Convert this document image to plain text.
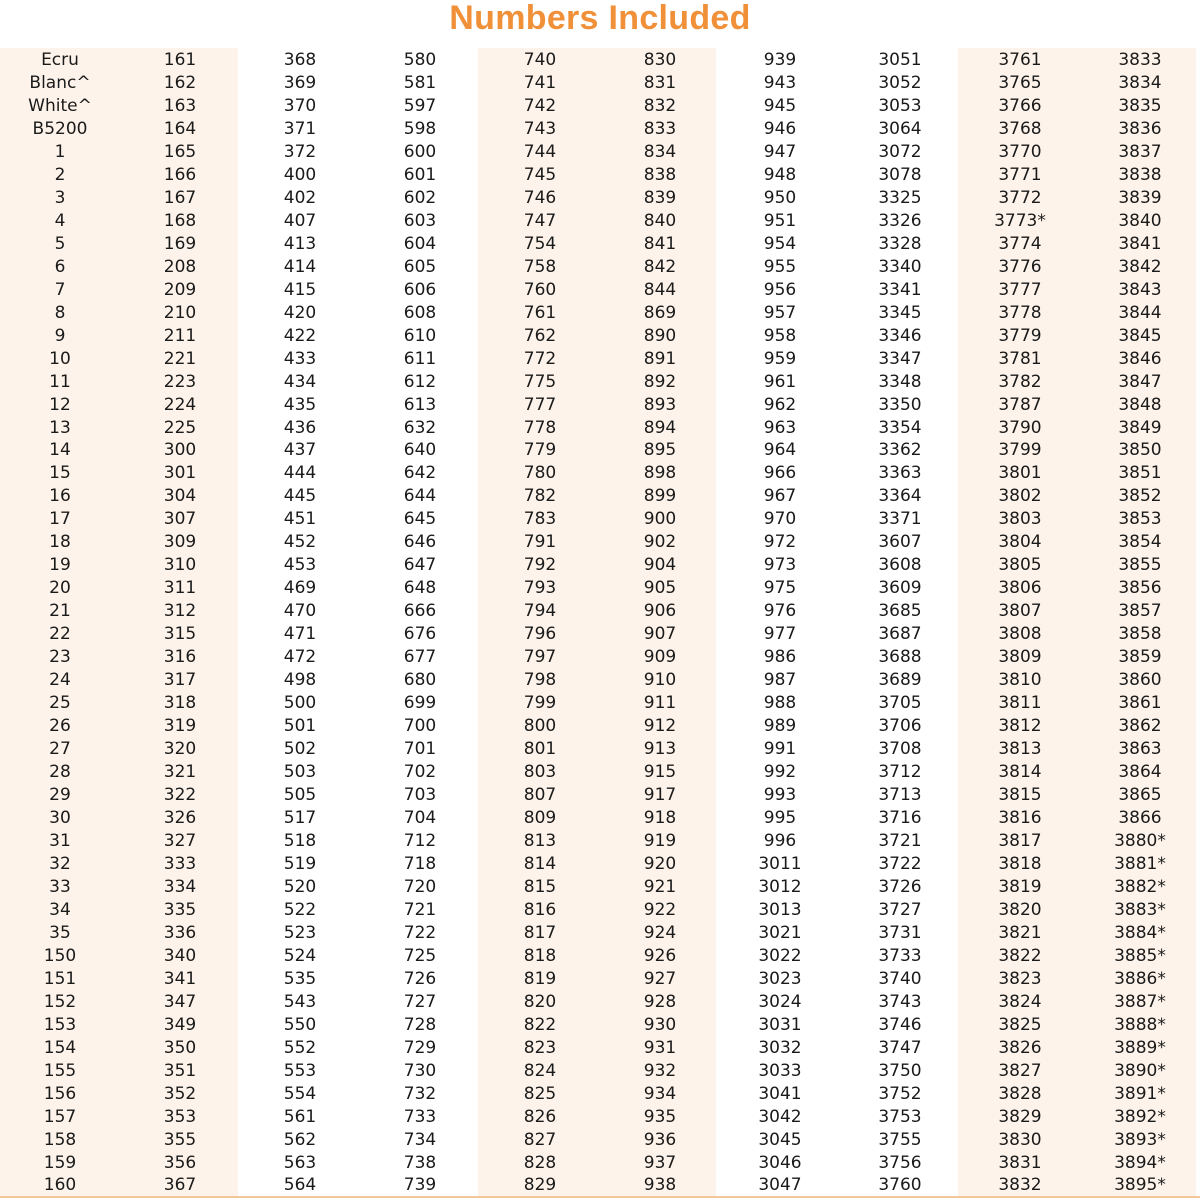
Numbers Included
Ecru
Blanc^
White^
B5200
1
2
3
4
5
6
7
8
9
10
11
12
13
14
15
16
17
18
19
20
21
22
23
24
25
26
27
28
29
30
31
32
33
34
35
150
151
152
153
154
155
156
157
158
159
160
161
162
163
164
165
166
167
168
169
208
209
210
211
221
223
224
225
300
301
304
307
309
310
311
312
315
316
317
318
319
320
321
322
326
327
333
334
335
336
340
341
347
349
350
351
352
353
355
356
367
368
369
370
371
372
400
402
407
413
414
415
420
422
433
434
435
436
437
444
445
451
452
453
469
470
471
472
498
500
501
502
503
505
517
518
519
520
522
523
524
535
543
550
552
553
554
561
562
563
564
580
581
597
598
600
601
602
603
604
605
606
608
610
611
612
613
632
640
642
644
645
646
647
648
666
676
677
680
699
700
701
702
703
704
712
718
720
721
722
725
726
727
728
729
730
732
733
734
738
739
740
741
742
743
744
745
746
747
754
758
760
761
762
772
775
777
778
779
780
782
783
791
792
793
794
796
797
798
799
800
801
803
807
809
813
814
815
816
817
818
819
820
822
823
824
825
826
827
828
829
830
831
832
833
834
838
839
840
841
842
844
869
890
891
892
893
894
895
898
899
900
902
904
905
906
907
909
910
911
912
913
915
917
918
919
920
921
922
924
926
927
928
930
931
932
934
935
936
937
938
939
943
945
946
947
948
950
951
954
955
956
957
958
959
961
962
963
964
966
967
970
972
973
975
976
977
986
987
988
989
991
992
993
995
996
3011
3012
3013
3021
3022
3023
3024
3031
3032
3033
3041
3042
3045
3046
3047
3051
3052
3053
3064
3072
3078
3325
3326
3328
3340
3341
3345
3346
3347
3348
3350
3354
3362
3363
3364
3371
3607
3608
3609
3685
3687
3688
3689
3705
3706
3708
3712
3713
3716
3721
3722
3726
3727
3731
3733
3740
3743
3746
3747
3750
3752
3753
3755
3756
3760
3761
3765
3766
3768
3770
3771
3772
3773*
3774
3776
3777
3778
3779
3781
3782
3787
3790
3799
3801
3802
3803
3804
3805
3806
3807
3808
3809
3810
3811
3812
3813
3814
3815
3816
3817
3818
3819
3820
3821
3822
3823
3824
3825
3826
3827
3828
3829
3830
3831
3832
3833
3834
3835
3836
3837
3838
3839
3840
3841
3842
3843
3844
3845
3846
3847
3848
3849
3850
3851
3852
3853
3854
3855
3856
3857
3858
3859
3860
3861
3862
3863
3864
3865
3866
3880*
3881*
3882*
3883*
3884*
3885*
3886*
3887*
3888*
3889*
3890*
3891*
3892*
3893*
3894*
3895*
